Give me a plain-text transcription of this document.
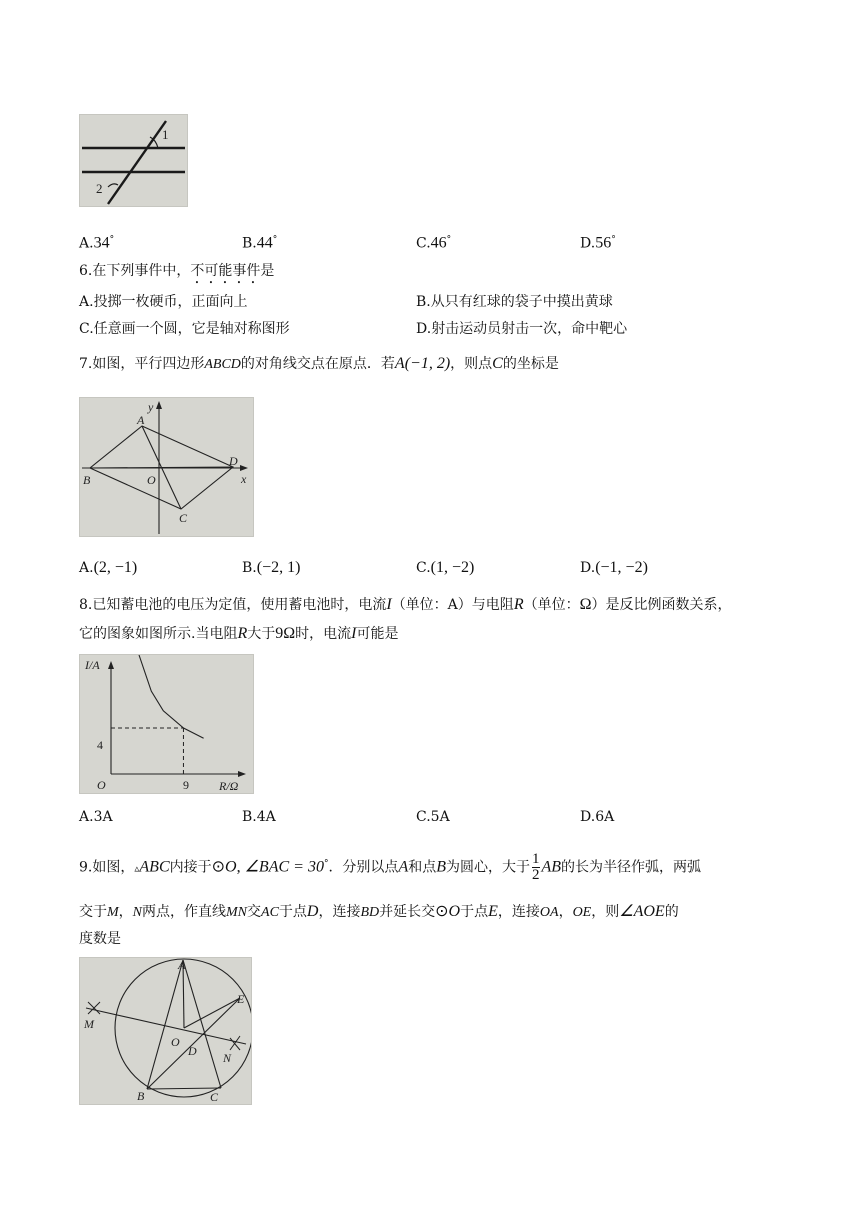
1
2
A.34°	B.44°	C.46°	D.56°
6.在下列事件中，不可能事件是
A.投掷一枚硬币，正面向上	B.从只有红球的袋子中摸出黄球
C.任意画一个圆，它是轴对称图形	D.射击运动员射击一次，命中靶心
7.如图，平行四边形ABCD的对角线交点在原点．若A(−1, 2)，则点C的坐标是
y
x
A
B
C
D
O
A.(2, −1)	B.(−2, 1)	C.(1, −2)	D.(−1, −2)
8.已知蓄电池的电压为定值，使用蓄电池时，电流I（单位：A）与电阻R（单位：Ω）是反比例函数关系，
它的图象如图所示.当电阻R大于9Ω时，电流I可能是
I/A
R/Ω
4
9
O
A.3A	B.4A	C.5A	D.6A
9.如图，▵ABC内接于⊙O, ∠BAC = 30°．分别以点A和点B为圆心，大于 $\frac{1}{2}$ AB的长为半径作弧，两弧
交于M，N两点，作直线MN交AC于点D，连接BD并延长交⊙O于点E，连接OA，OE，则∠AOE的
度数是
A
B	C
D
E
M
N
O
